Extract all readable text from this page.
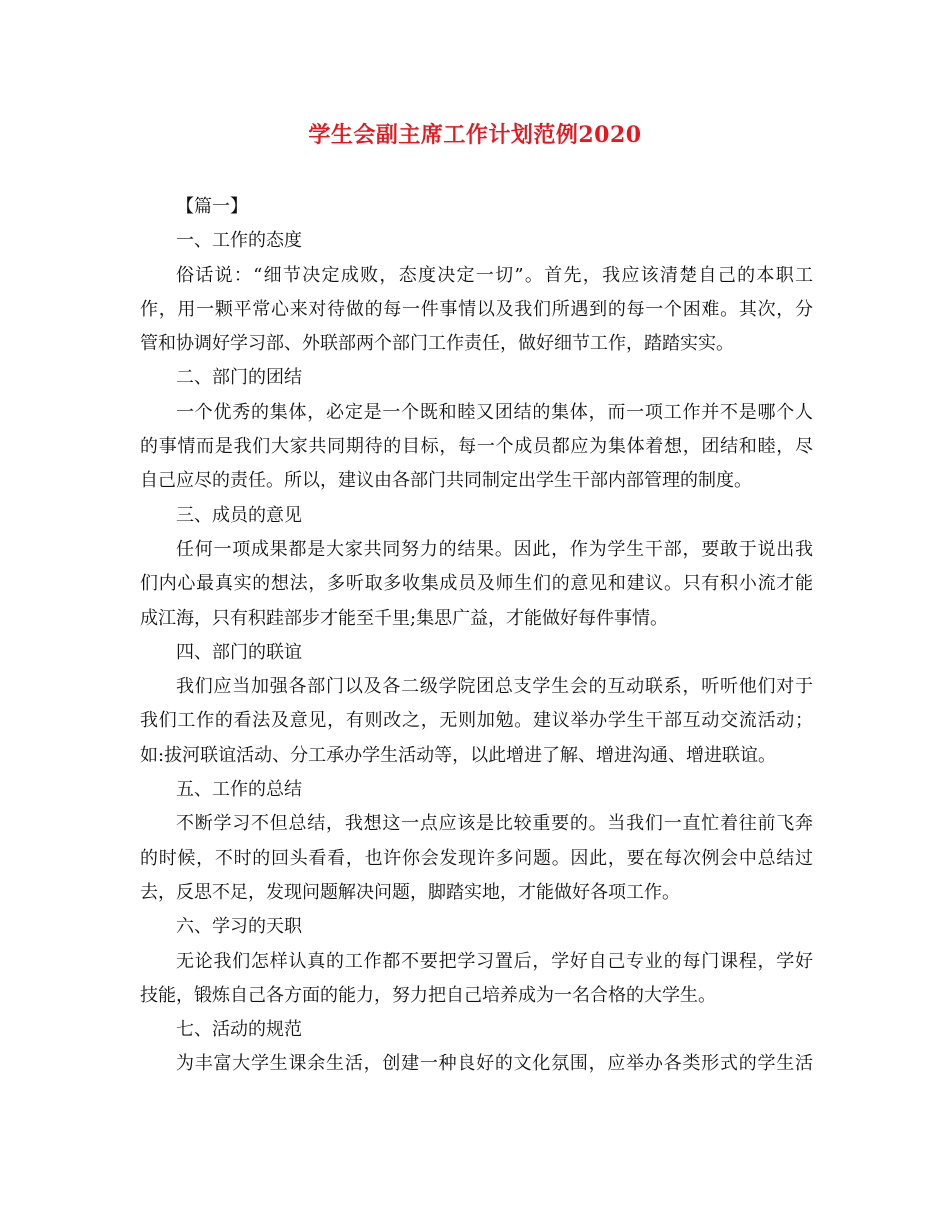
学生会副主席工作计划范例2020
【篇一】
一、工作的态度
俗话说：“细节决定成败，态度决定一切”。首先，我应该清楚自己的本职工
作，用一颗平常心来对待做的每一件事情以及我们所遇到的每一个困难。其次，分
管和协调好学习部、外联部两个部门工作责任，做好细节工作，踏踏实实。
二、部门的团结
一个优秀的集体，必定是一个既和睦又团结的集体，而一项工作并不是哪个人
的事情而是我们大家共同期待的目标，每一个成员都应为集体着想，团结和睦，尽
自己应尽的责任。所以，建议由各部门共同制定出学生干部内部管理的制度。
三、成员的意见
任何一项成果都是大家共同努力的结果。因此，作为学生干部，要敢于说出我
们内心最真实的想法，多听取多收集成员及师生们的意见和建议。只有积小流才能
成江海，只有积跬部步才能至千里;集思广益，才能做好每件事情。
四、部门的联谊
我们应当加强各部门以及各二级学院团总支学生会的互动联系，听听他们对于
我们工作的看法及意见，有则改之，无则加勉。建议举办学生干部互动交流活动；
如:拔河联谊活动、分工承办学生活动等，以此增进了解、增进沟通、增进联谊。
五、工作的总结
不断学习不但总结，我想这一点应该是比较重要的。当我们一直忙着往前飞奔
的时候，不时的回头看看，也许你会发现许多问题。因此，要在每次例会中总结过
去，反思不足，发现问题解决问题，脚踏实地，才能做好各项工作。
六、学习的天职
无论我们怎样认真的工作都不要把学习置后，学好自己专业的每门课程，学好
技能，锻炼自己各方面的能力，努力把自己培养成为一名合格的大学生。
七、活动的规范
为丰富大学生课余生活，创建一种良好的文化氛围，应举办各类形式的学生活
